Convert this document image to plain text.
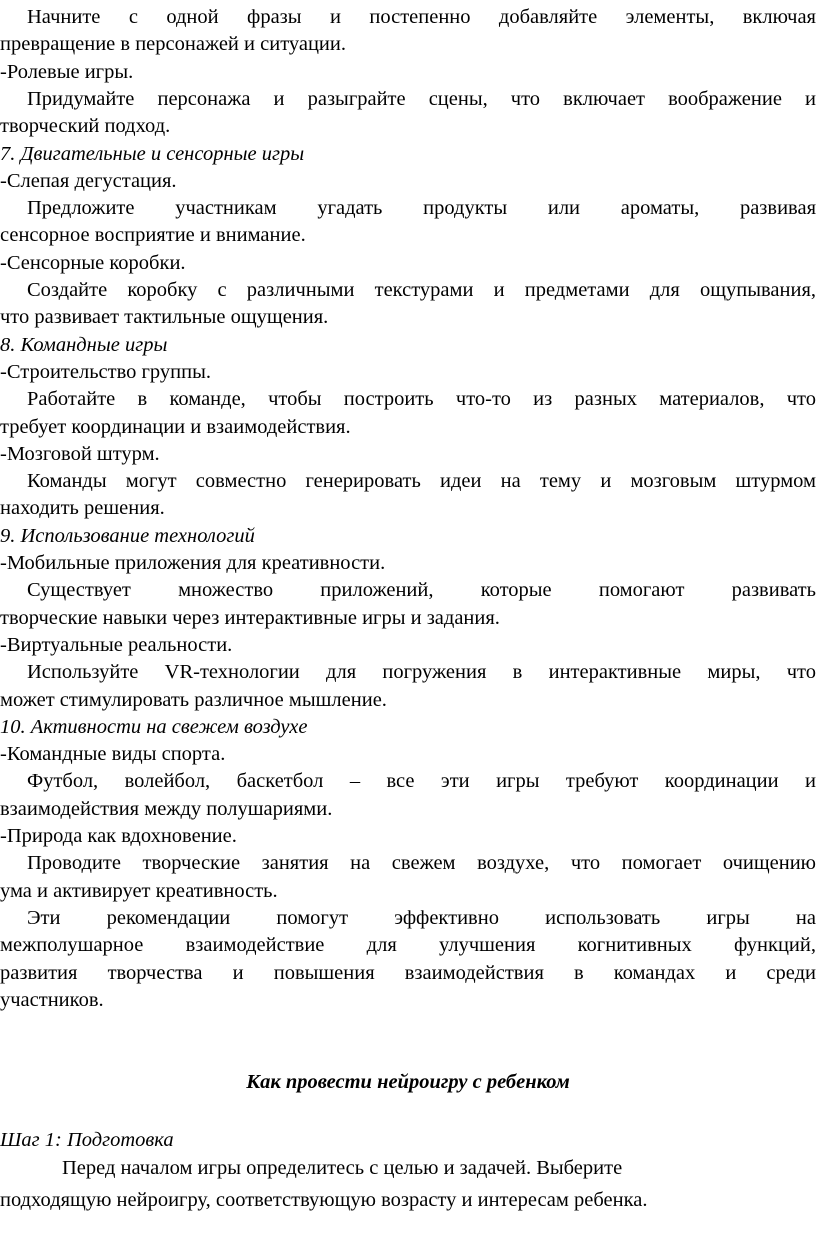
Начните с одной фразы и постепенно добавляйте элементы, включая
превращение в персонажей и ситуации.
-Ролевые игры.
Придумайте персонажа и разыграйте сцены, что включает воображение и
творческий подход.
7. Двигательные и сенсорные игры
-Слепая дегустация.
Предложите участникам угадать продукты или ароматы, развивая
сенсорное восприятие и внимание.
-Сенсорные коробки.
Создайте коробку с различными текстурами и предметами для ощупывания,
что развивает тактильные ощущения.
8. Командные игры
-Строительство группы.
Работайте в команде, чтобы построить что-то из разных материалов, что
требует координации и взаимодействия.
-Мозговой штурм.
Команды могут совместно генерировать идеи на тему и мозговым штурмом
находить решения.
9. Использование технологий
-Мобильные приложения для креативности.
Существует множество приложений, которые помогают развивать
творческие навыки через интерактивные игры и задания.
-Виртуальные реальности.
Используйте VR-технологии для погружения в интерактивные миры, что
может стимулировать различное мышление.
10. Активности на свежем воздухе
-Командные виды спорта.
Футбол, волейбол, баскетбол – все эти игры требуют координации и
взаимодействия между полушариями.
-Природа как вдохновение.
Проводите творческие занятия на свежем воздухе, что помогает очищению
ума и активирует креативность.
Эти рекомендации помогут эффективно использовать игры на
межполушарное взаимодействие для улучшения когнитивных функций,
развития творчества и повышения взаимодействия в командах и среди
участников.
Как провести нейроигру с ребенком
Шаг 1: Подготовка
Перед началом игры определитесь с целью и задачей. Выберите
подходящую нейроигру, соответствующую возрасту и интересам ребенка.
